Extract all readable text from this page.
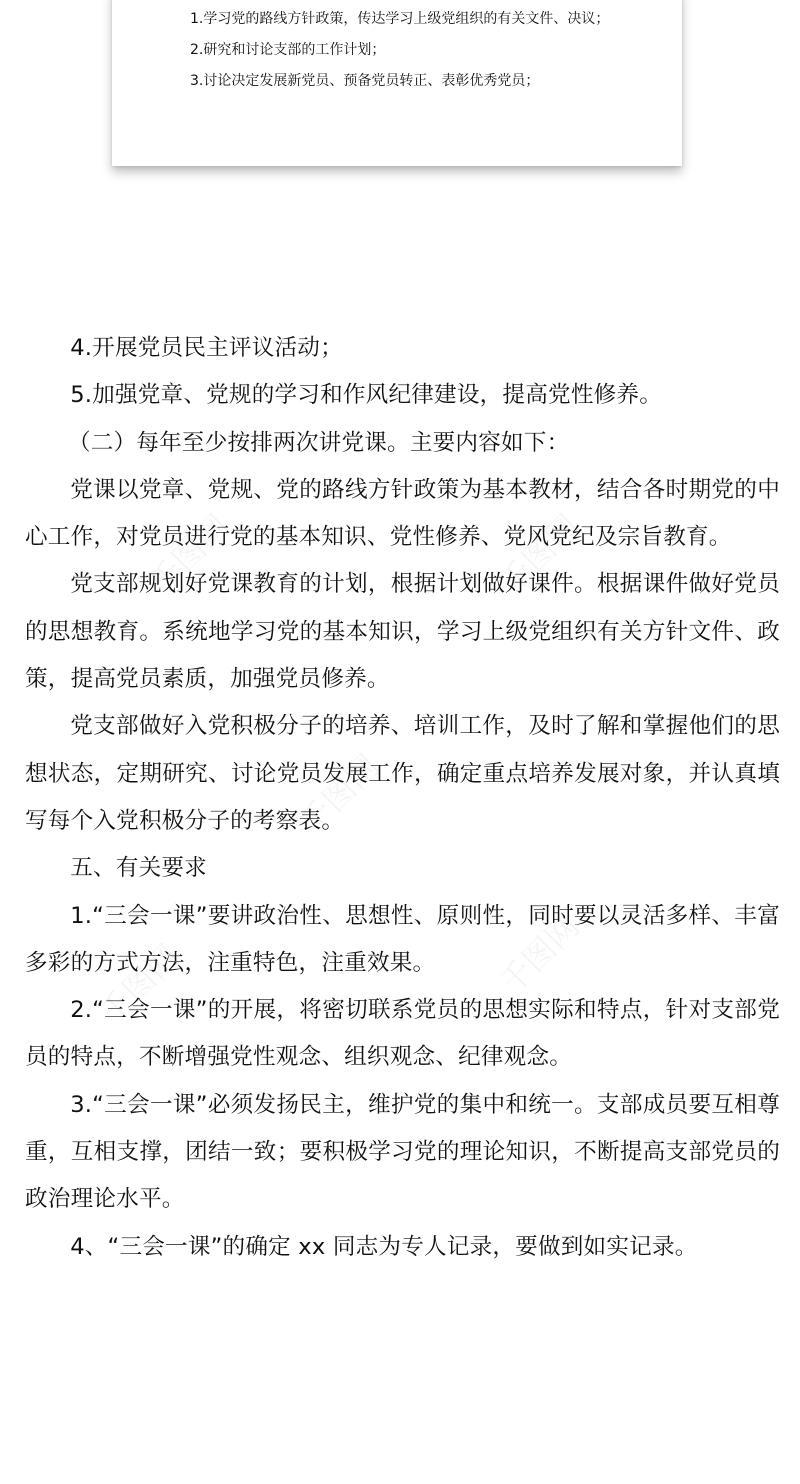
1.学习党的路线方针政策，传达学习上级党组织的有关文件、决议；
2.研究和讨论支部的工作计划；
3.讨论决定发展新党员、预备党员转正、表彰优秀党员；

4.开展党员民主评议活动；

5.加强党章、党规的学习和作风纪律建设，提高党性修养。

（二）每年至少按排两次讲党课。主要内容如下：

党课以党章、党规、党的路线方针政策为基本教材，结合各时期党的中心工作，对党员进行党的基本知识、党性修养、党风党纪及宗旨教育。

党支部规划好党课教育的计划，根据计划做好课件。根据课件做好党员的思想教育。系统地学习党的基本知识，学习上级党组织有关方针文件、政策，提高党员素质，加强党员修养。

党支部做好入党积极分子的培养、培训工作，及时了解和掌握他们的思想状态，定期研究、讨论党员发展工作，确定重点培养发展对象，并认真填写每个入党积极分子的考察表。

五、有关要求

1.“三会一课”要讲政治性、思想性、原则性，同时要以灵活多样、丰富多彩的方式方法，注重特色，注重效果。

2.“三会一课”的开展，将密切联系党员的思想实际和特点，针对支部党员的特点，不断增强党性观念、组织观念、纪律观念。

3.“三会一课”必须发扬民主，维护党的集中和统一。支部成员要互相尊重，互相支撑，团结一致；要积极学习党的理论知识，不断提高支部党员的政治理论水平。

4、“三会一课”的确定 xx 同志为专人记录，要做到如实记录。
